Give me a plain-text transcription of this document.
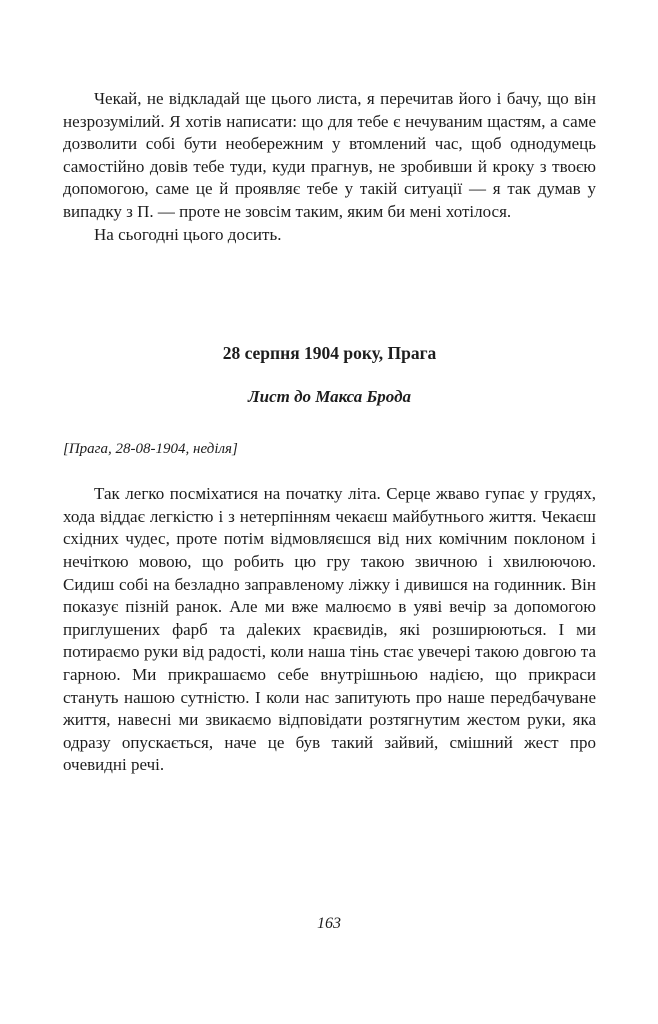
Чекай, не відкладай ще цього листа, я перечитав його і бачу, що він незрозумілий. Я хотів написати: що для тебе є нечуваним щастям, а саме дозволити собі бути необережним у втомлений час, щоб однодумець самостійно довів тебе туди, куди прагнув, не зробивши й кроку з твоєю допомогою, саме це й проявляє тебе у такій ситуації — я так думав у випадку з П. — проте не зовсім таким, яким би мені хотілося.

На сьогодні цього досить.

28 серпня 1904 року, Прага
Лист до Макса Брода

[Прага, 28-08-1904, неділя]

Так легко посміхатися на початку літа. Серце жваво гупає у грудях, хода віддає легкістю і з нетерпінням чекаєш майбутнього життя. Чекаєш східних чудес, проте потім відмовляєшся від них комічним поклоном і нечіткою мовою, що робить цю гру такою звичною і хвилюючою. Сидиш собі на безладно заправленому ліжку і дивишся на годинник. Він показує пізній ранок. Але ми вже малюємо в уяві вечір за допомогою приглушених фарб та даleких краєвидів, які розширюються. І ми потираємо руки від радості, коли наша тінь стає увечері такою довгою та гарною. Ми прикрашаємо себе внутрішньою надією, що прикраси стануть нашою сутністю. І коли нас запитують про наше передбачуване життя, навесні ми звикаємо відповідати розтягнутим жестом руки, яка одразу опускається, наче це був такий зайвий, смішний жест про очевидні речі.

163
